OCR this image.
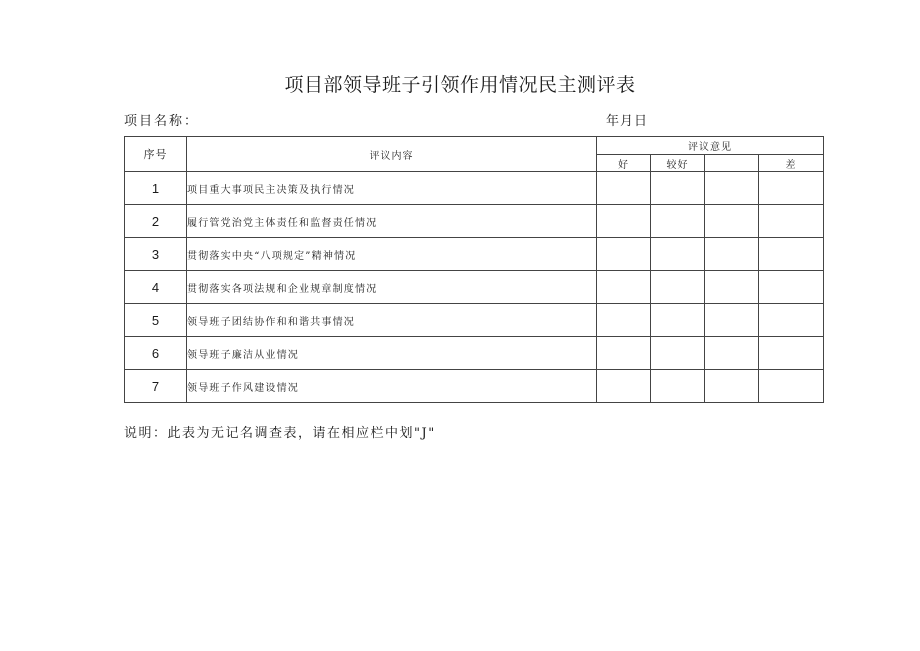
项目部领导班子引领作用情况民主测评表
项目名称：	年月日
序号	评议内容	评议意见			
		好	较好		差
1	项目重大事项民主决策及执行情况				
2	履行管党治党主体责任和监督责任情况				
3	贯彻落实中央“八项规定”精神情况				
4	贯彻落实各项法规和企业规章制度情况				
5	领导班子团结协作和和谐共事情况				
6	领导班子廉洁从业情况				
7	领导班子作风建设情况				
说明：此表为无记名调查表，请在相应栏中划"J"
